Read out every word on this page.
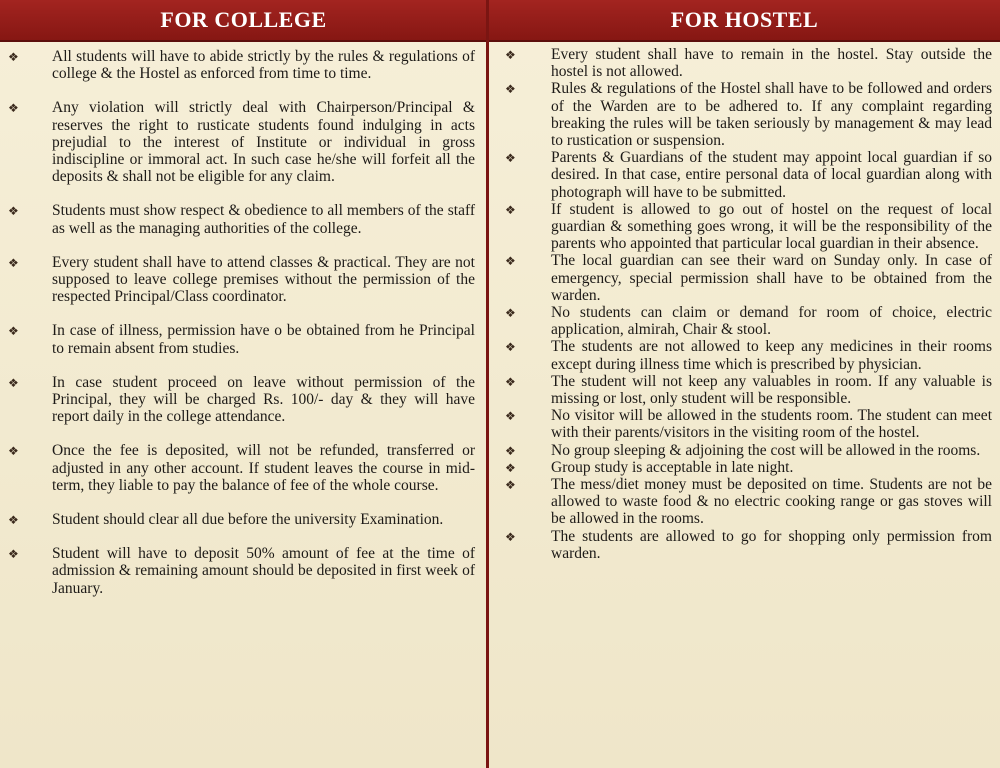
FOR COLLEGE
❖ All students will have to abide strictly by the rules & regulations of college & the Hostel as enforced from time to time.
❖ Any violation will strictly deal with Chairperson/Principal & reserves the right to rusticate students found indulging in acts prejudial to the interest of Institute or individual in gross indiscipline or immoral act. In such case he/she will forfeit all the deposits & shall not be eligible for any claim.
❖ Students must show respect & obedience to all members of the staff as well as the managing authorities of the college.
❖ Every student shall have to attend classes & practical. They are not supposed to leave college premises without the permission of the respected Principal/Class coordinator.
❖ In case of illness, permission have o be obtained from he Principal to remain absent from studies.
❖ In case student proceed on leave without permission of the Principal, they will be charged Rs. 100/- day & they will have report daily in the college attendance.
❖ Once the fee is deposited, will not be refunded, transferred or adjusted in any other account. If student leaves the course in mid-term, they liable to pay the balance of fee of the whole course.
❖ Student should clear all due before the university Examination.
❖ Student will have to deposit 50% amount of fee at the time of admission & remaining amount should be deposited in first week of January.
FOR HOSTEL
❖ Every student shall have to remain in the hostel. Stay outside the hostel is not allowed.
❖ Rules & regulations of the Hostel shall have to be followed and orders of the Warden are to be adhered to. If any complaint regarding breaking the rules will be taken seriously by management & may lead to rustication or suspension.
❖ Parents & Guardians of the student may appoint local guardian if so desired. In that case, entire personal data of local guardian along with photograph will have to be submitted.
❖ If student is allowed to go out of hostel on the request of local guardian & something goes wrong, it will be the responsibility of the parents who appointed that particular local guardian in their absence.
❖ The local guardian can see their ward on Sunday only. In case of emergency, special permission shall have to be obtained from the warden.
❖ No students can claim or demand for room of choice, electric application, almirah, Chair & stool.
❖ The students are not allowed to keep any medicines in their rooms except during illness time which is prescribed by physician.
❖ The student will not keep any valuables in room. If any valuable is missing or lost, only student will be responsible.
❖ No visitor will be allowed in the students room. The student can meet with their parents/visitors in the visiting room of the hostel.
❖ No group sleeping & adjoining the cost will be allowed in the rooms.
❖ Group study is acceptable in late night.
❖ The mess/diet money must be deposited on time. Students are not be allowed to waste food & no electric cooking range or gas stoves will be allowed in the rooms.
❖ The students are allowed to go for shopping only permission from warden.
